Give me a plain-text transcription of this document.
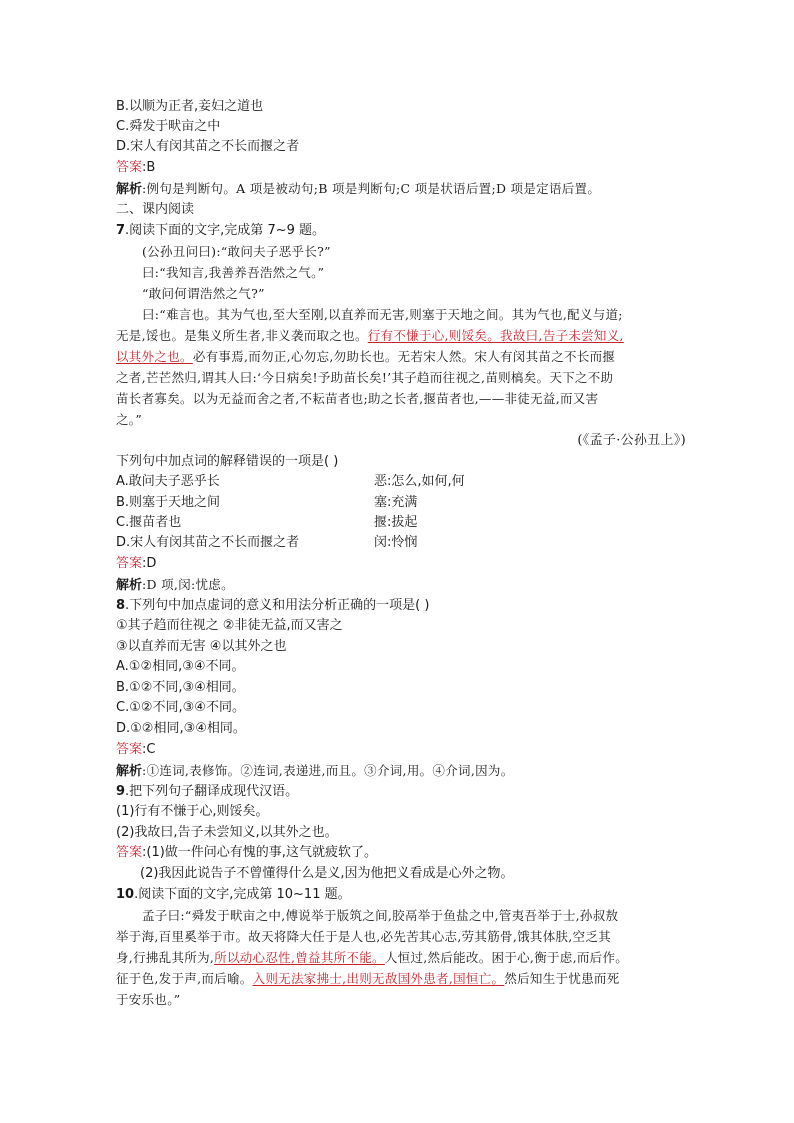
B.以顺为正者,妾妇之道也
C.舜发于畎亩之中
D.宋人有闵其苗之不长而揠之者
答案:B
解析:例句是判断句。A 项是被动句;B 项是判断句;C 项是状语后置;D 项是定语后置。
二、课内阅读
7.阅读下面的文字,完成第 7~9 题。
(公孙丑问曰):“敢问夫子恶乎长?”
曰:“我知言,我善养吾浩然之气。”
“敢问何谓浩然之气?”
曰:“难言也。其为气也,至大至刚,以直养而无害,则塞于天地之间。其为气也,配义与道;
无是,馁也。是集义所生者,非义袭而取之也。行有不慊于心,则馁矣。我故曰,告子未尝知义,
以其外之也。必有事焉,而勿正,心勿忘,勿助长也。无若宋人然。宋人有闵其苗之不长而揠
之者,芒芒然归,谓其人曰:‘今日病矣!予助苗长矣!’其子趋而往视之,苗则槁矣。天下之不助
苗长者寡矣。以为无益而舍之者,不耘苗者也;助之长者,揠苗者也,——非徒无益,而又害
之。”
(《孟子·公孙丑上》)
下列句中加点词的解释错误的一项是( )
A.敢问夫子恶乎长	恶:怎么,如何,何
B.则塞于天地之间	塞:充满
C.揠苗者也	揠:拔起
D.宋人有闵其苗之不长而揠之者	闵:怜悯
答案:D
解析:D 项,闵:忧虑。
8.下列句中加点虚词的意义和用法分析正确的一项是( )
①其子趋而往视之 ②非徒无益,而又害之
③以直养而无害 ④以其外之也
A.①②相同,③④不同。
B.①②不同,③④相同。
C.①②不同,③④不同。
D.①②相同,③④相同。
答案:C
解析:①连词,表修饰。②连词,表递进,而且。③介词,用。④介词,因为。
9.把下列句子翻译成现代汉语。
(1)行有不慊于心,则馁矣。
(2)我故曰,告子未尝知义,以其外之也。
答案:(1)做一件问心有愧的事,这气就疲软了。
(2)我因此说告子不曾懂得什么是义,因为他把义看成是心外之物。
10.阅读下面的文字,完成第 10~11 题。
孟子曰:“舜发于畎亩之中,傅说举于版筑之间,胶鬲举于鱼盐之中,管夷吾举于士,孙叔敖
举于海,百里奚举于市。故天将降大任于是人也,必先苦其心志,劳其筋骨,饿其体肤,空乏其
身,行拂乱其所为,所以动心忍性,曾益其所不能。人恒过,然后能改。困于心,衡于虑,而后作。
征于色,发于声,而后喻。入则无法家拂士,出则无敌国外患者,国恒亡。然后知生于忧患而死
于安乐也。”
